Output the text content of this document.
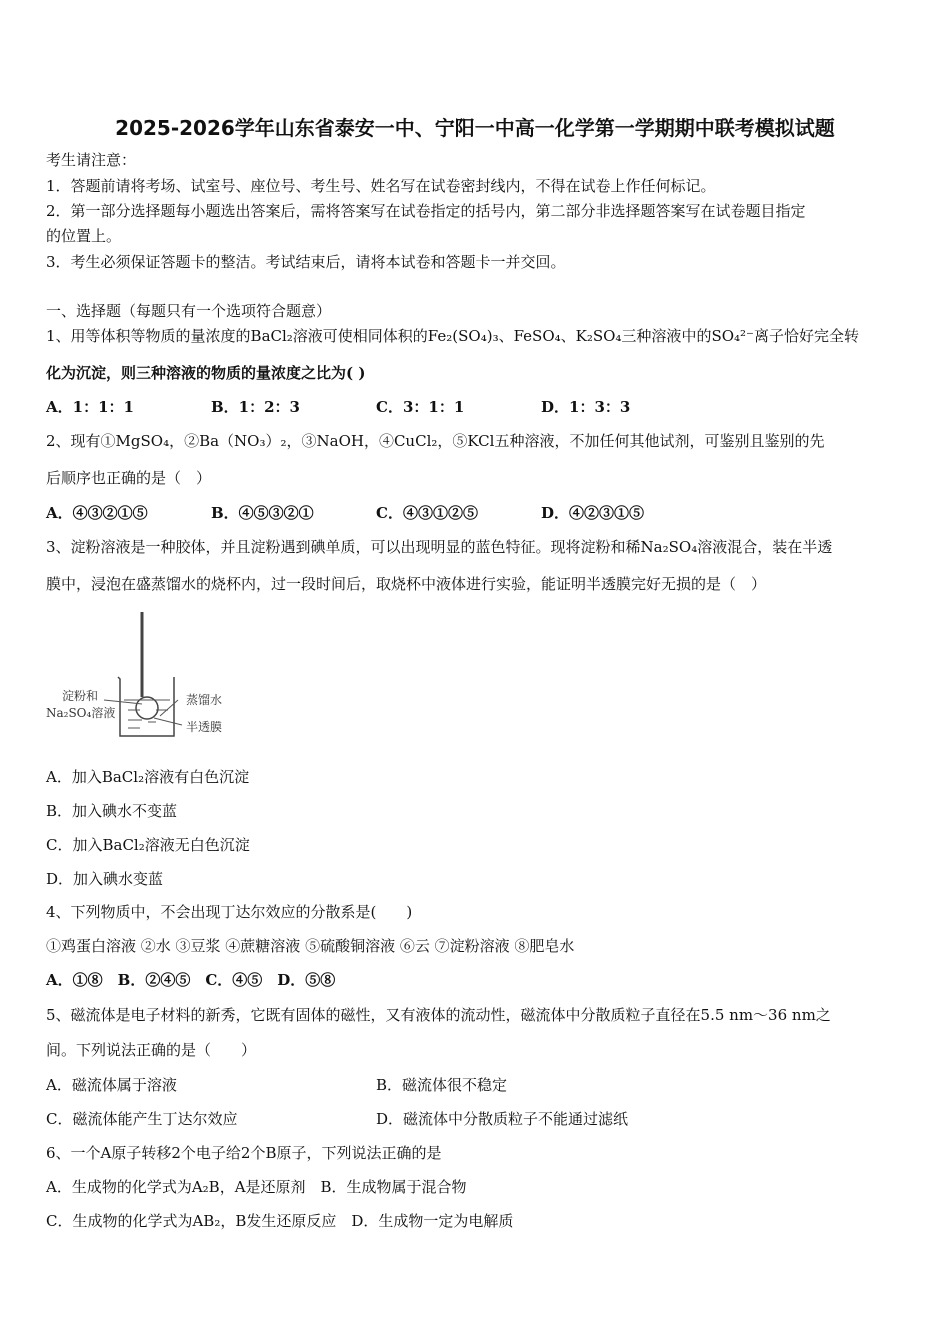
2025-2026学年山东省泰安一中、宁阳一中高一化学第一学期期中联考模拟试题
考生请注意：
1．答题前请将考场、试室号、座位号、考生号、姓名写在试卷密封线内，不得在试卷上作任何标记。
2．第一部分选择题每小题选出答案后，需将答案写在试卷指定的括号内，第二部分非选择题答案写在试卷题目指定
的位置上。
3．考生必须保证答题卡的整洁。考试结束后，请将本试卷和答题卡一并交回。
一、选择题（每题只有一个选项符合题意）
1、用等体积等物质的量浓度的BaCl₂溶液可使相同体积的Fe₂(SO₄)₃、FeSO₄、K₂SO₄三种溶液中的SO₄²⁻离子恰好完全转
化为沉淀，则三种溶液的物质的量浓度之比为( )
A．1：1：1	B．1：2：3	C．3：1：1	D．1：3：3
2、现有①MgSO₄，②Ba（NO₃）₂，③NaOH，④CuCl₂，⑤KCl五种溶液，不加任何其他试剂，可鉴别且鉴别的先
后顺序也正确的是（　）
A．④③②①⑤	B．④⑤③②①	C．④③①②⑤	D．④②③①⑤
3、淀粉溶液是一种胶体，并且淀粉遇到碘单质，可以出现明显的蓝色特征。现将淀粉和稀Na₂SO₄溶液混合，装在半透
膜中，浸泡在盛蒸馏水的烧杯内，过一段时间后，取烧杯中液体进行实验，能证明半透膜完好无损的是（　）
淀粉和
Na₂SO₄溶液
蒸馏水
半透膜
A．加入BaCl₂溶液有白色沉淀
B．加入碘水不变蓝
C．加入BaCl₂溶液无白色沉淀
D．加入碘水变蓝
4、下列物质中，不会出现丁达尔效应的分散系是(　　)
①鸡蛋白溶液 ②水 ③豆浆 ④蔗糖溶液 ⑤硫酸铜溶液 ⑥云 ⑦淀粉溶液 ⑧肥皂水
A．①⑧　B．②④⑤　C．④⑤　D．⑤⑧
5、磁流体是电子材料的新秀，它既有固体的磁性，又有液体的流动性，磁流体中分散质粒子直径在5.5 nm～36 nm之
间。下列说法正确的是（　　）
A．磁流体属于溶液	B．磁流体很不稳定
C．磁流体能产生丁达尔效应	D．磁流体中分散质粒子不能通过滤纸
6、一个A原子转移2个电子给2个B原子，下列说法正确的是
A．生成物的化学式为A₂B，A是还原剂　B．生成物属于混合物
C．生成物的化学式为AB₂，B发生还原反应　D．生成物一定为电解质
